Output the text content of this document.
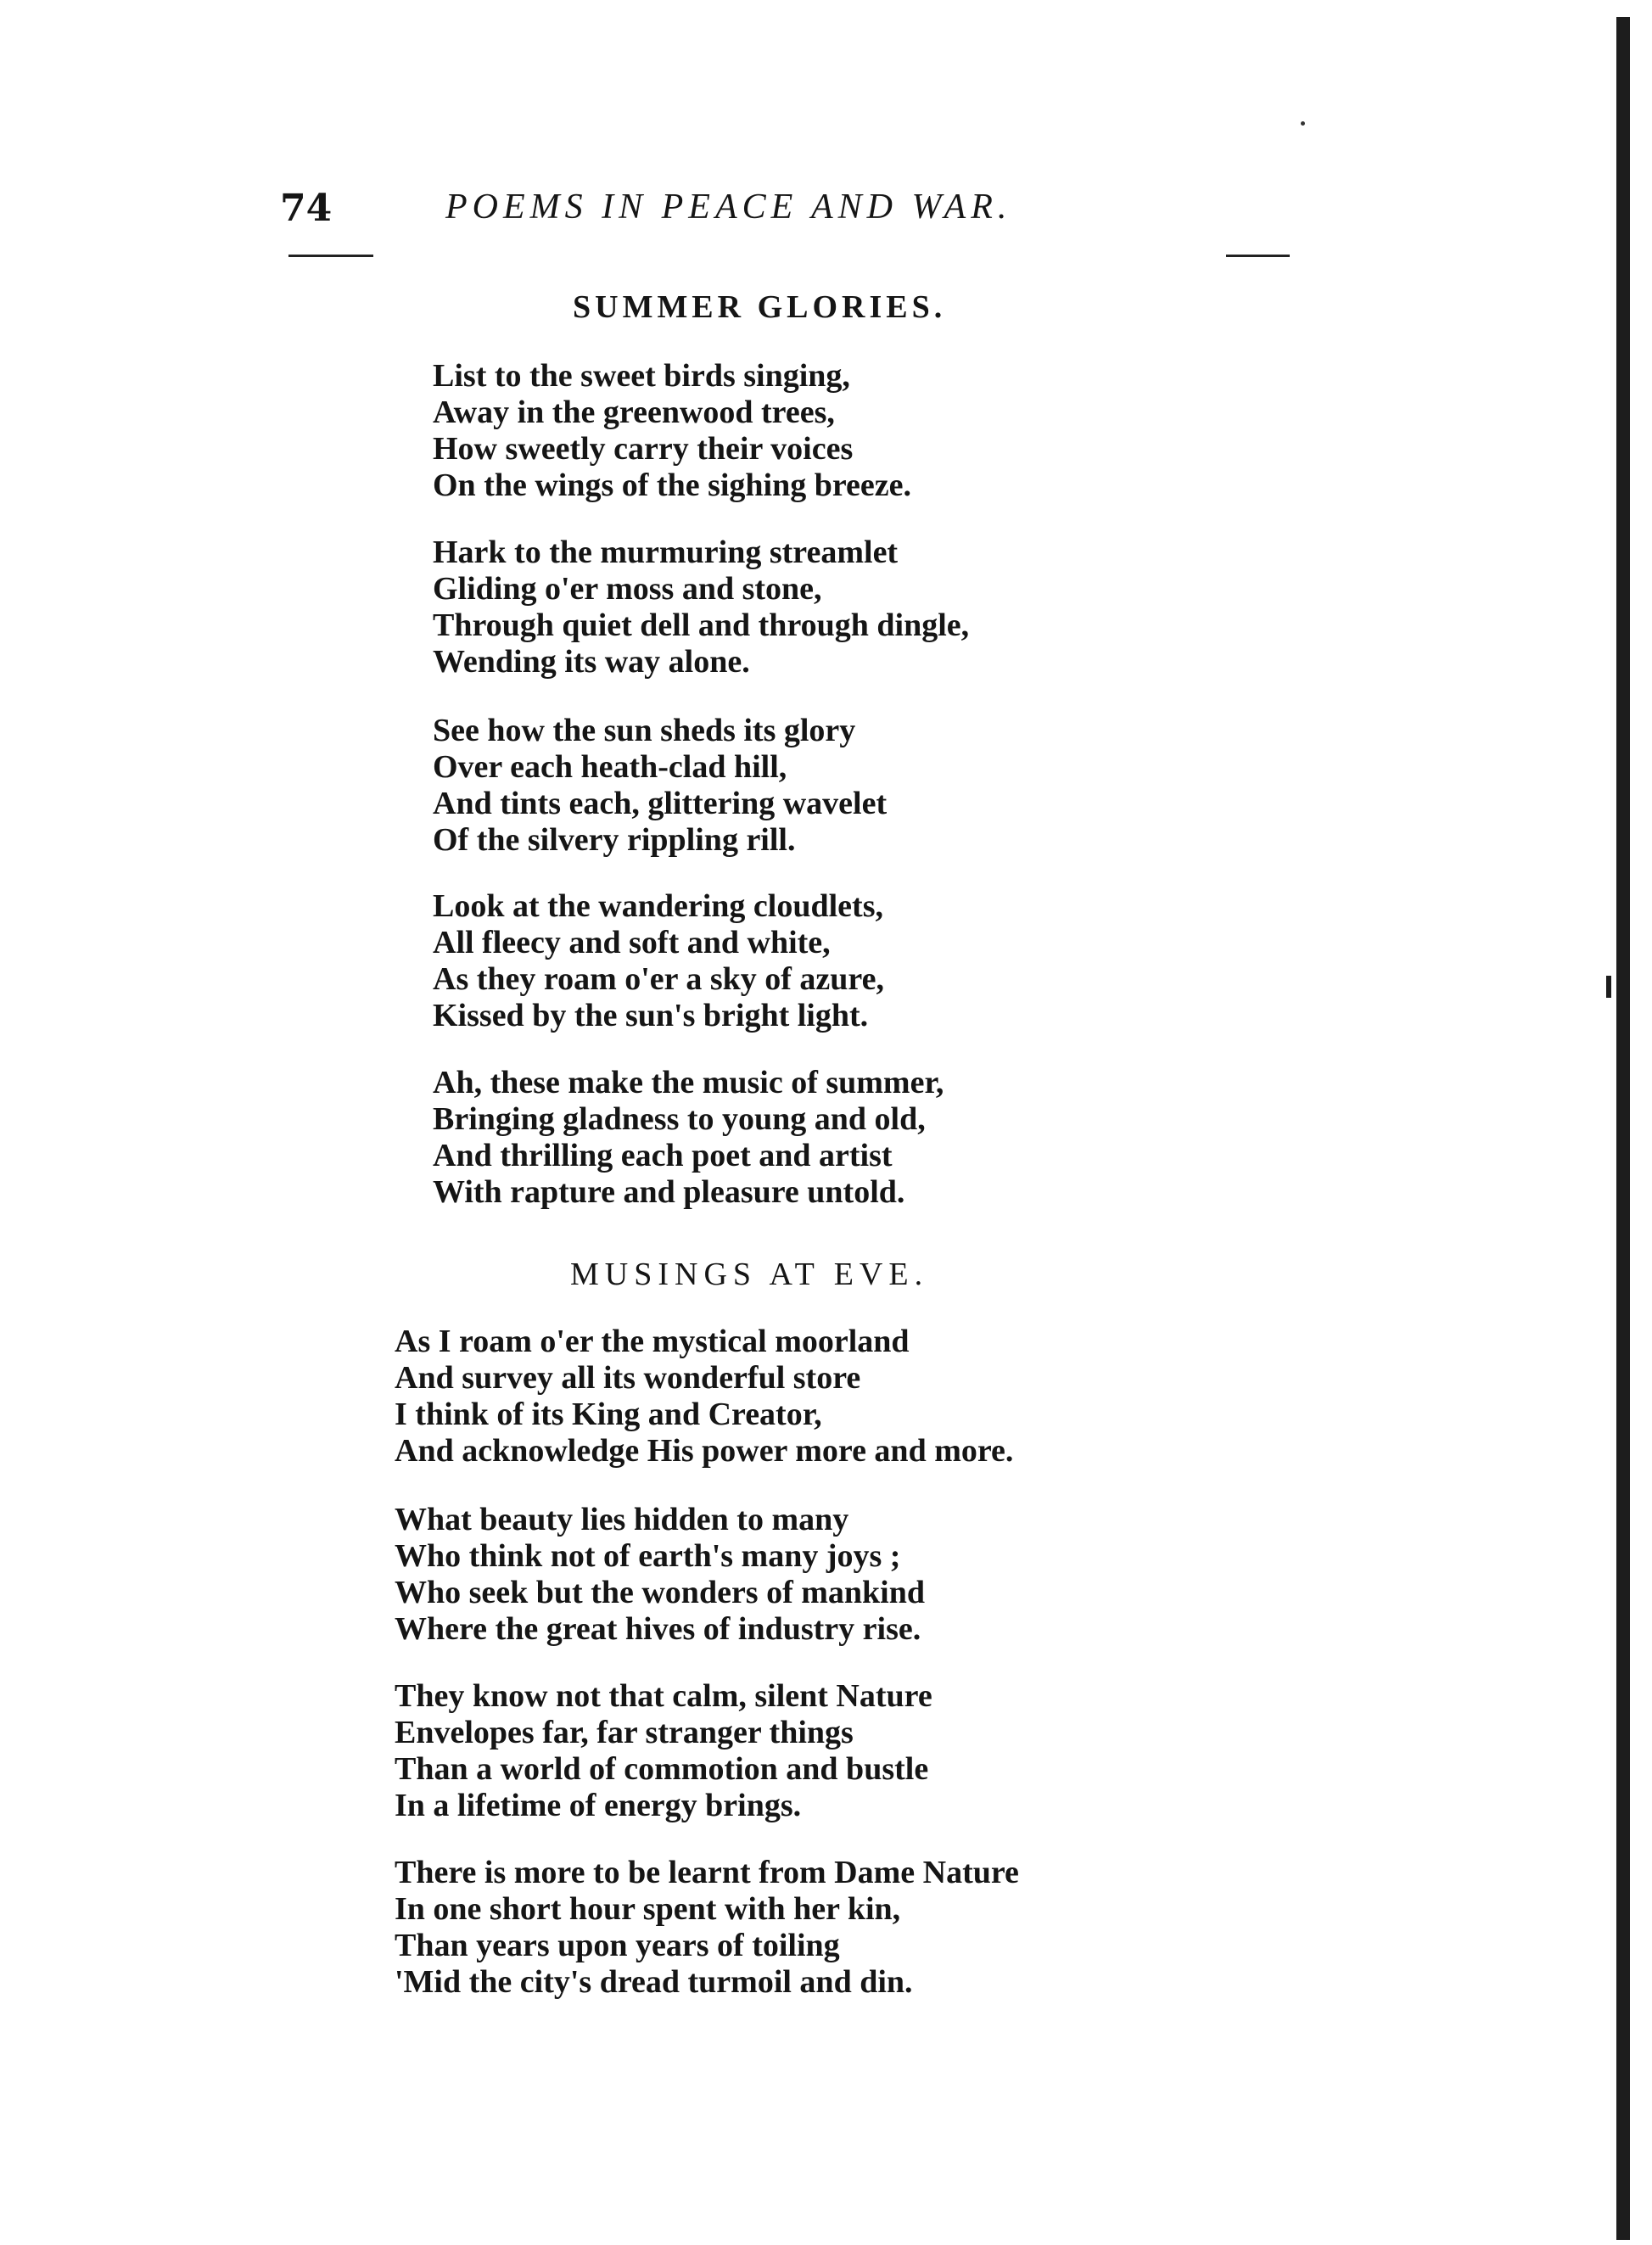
74	POEMS IN PEACE AND WAR.
SUMMER GLORIES.
List to the sweet birds singing,
Away in the greenwood trees,
How sweetly carry their voices
On the wings of the sighing breeze.
Hark to the murmuring streamlet
Gliding o'er moss and stone,
Through quiet dell and through dingle,
Wending its way alone.
See how the sun sheds its glory
Over each heath-clad hill,
And tints each, glittering wavelet
Of the silvery rippling rill.
Look at the wandering cloudlets,
All fleecy and soft and white,
As they roam o'er a sky of azure,
Kissed by the sun's bright light.
Ah, these make the music of summer,
Bringing gladness to young and old,
And thrilling each poet and artist
With rapture and pleasure untold.
MUSINGS AT EVE.
As I roam o'er the mystical moorland
And survey all its wonderful store
I think of its King and Creator,
And acknowledge His power more and more.
What beauty lies hidden to many
Who think not of earth's many joys ;
Who seek but the wonders of mankind
Where the great hives of industry rise.
They know not that calm, silent Nature
Envelopes far, far stranger things
Than a world of commotion and bustle
In a lifetime of energy brings.
There is more to be learnt from Dame Nature
In one short hour spent with her kin,
Than years upon years of toiling
'Mid the city's dread turmoil and din.
